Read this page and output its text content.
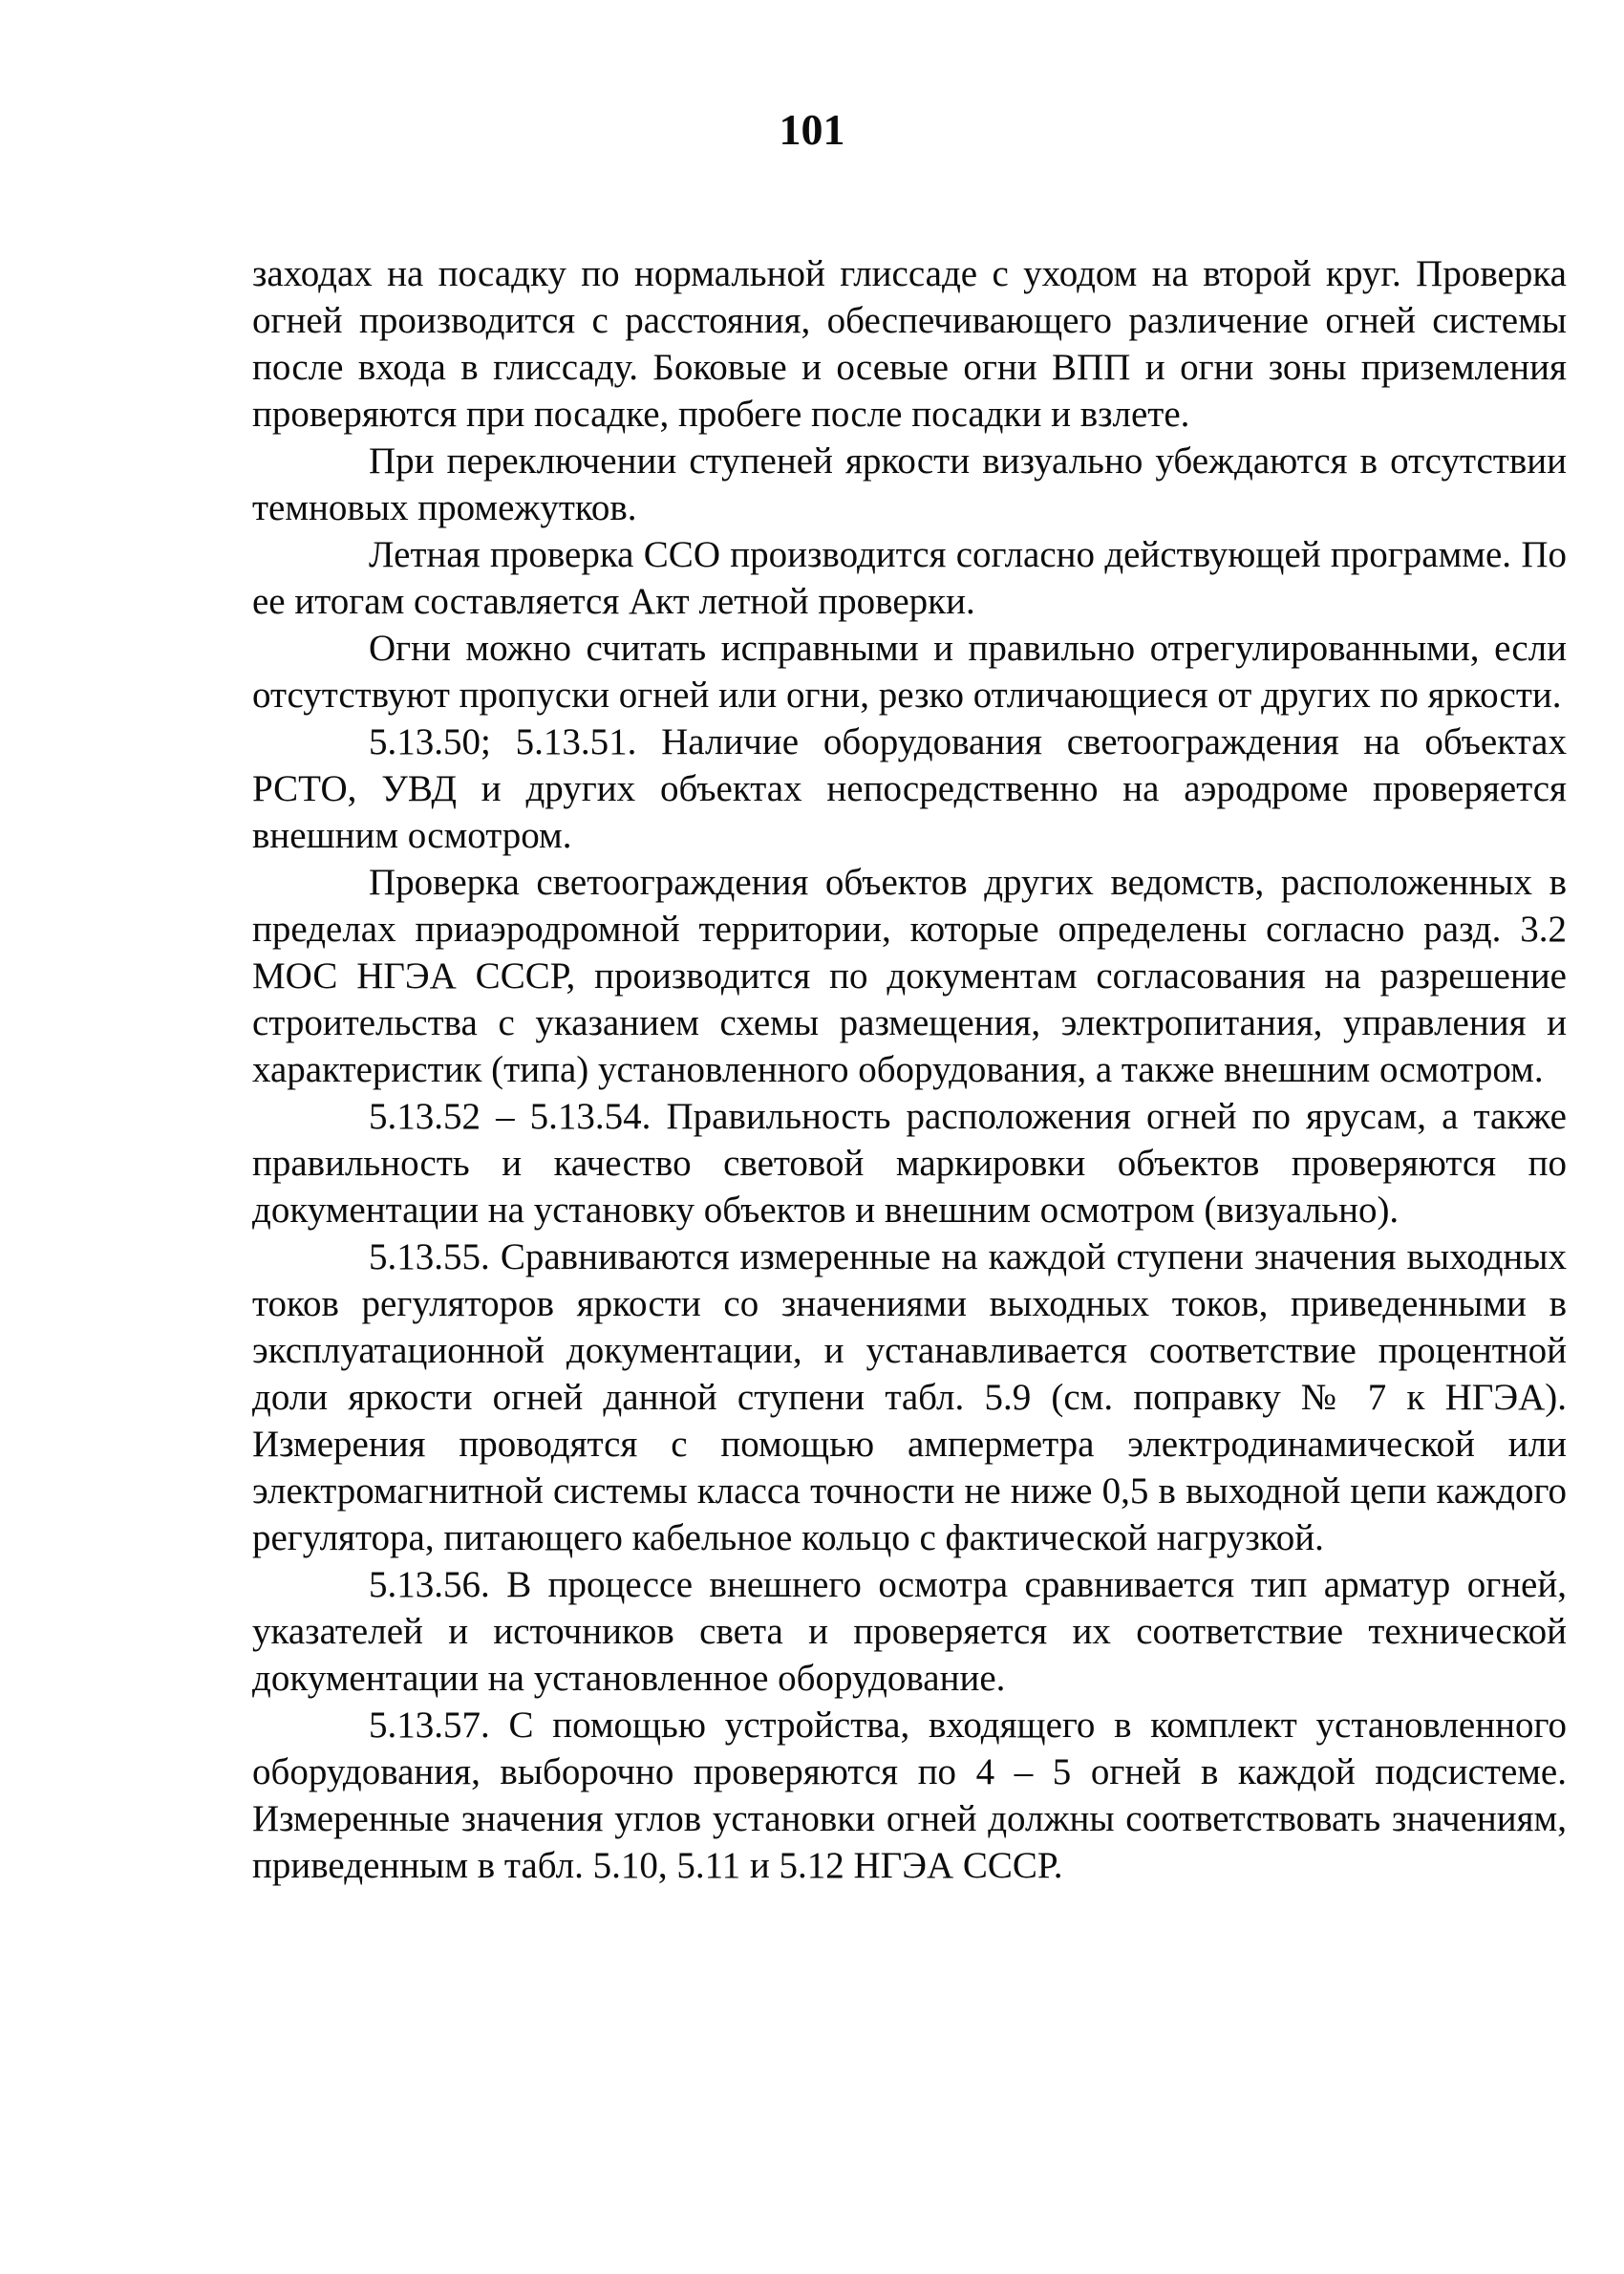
101

заходах на посадку по нормальной глиссаде с уходом на второй круг. Проверка огней производится с расстояния, обеспечивающего различение огней системы после входа в глиссаду. Боковые и осевые огни ВПП и огни зоны приземления проверяются при посадке, пробеге после посадки и взлете.

При переключении ступеней яркости визуально убеждаются в отсутствии темновых промежутков.

Летная проверка ССО производится согласно действующей программе. По ее итогам составляется Акт летной проверки.

Огни можно считать исправными и правильно отрегулированными, если отсутствуют пропуски огней или огни, резко отличающиеся от других по яркости.

5.13.50; 5.13.51. Наличие оборудования светоограждения на объектах РСТО, УВД и других объектах непосредственно на аэродроме проверяется внешним осмотром.

Проверка светоограждения объектов других ведомств, расположенных в пределах приаэродромной территории, которые определены согласно разд. 3.2 МОС НГЭА СССР, производится по документам согласования на разрешение строительства с указанием схемы размещения, электропитания, управления и характеристик (типа) установленного оборудования, а также внешним осмотром.

5.13.52 – 5.13.54. Правильность расположения огней по ярусам, а также правильность и качество световой маркировки объектов проверяются по документации на установку объектов и внешним осмотром (визуально).

5.13.55. Сравниваются измеренные на каждой ступени значения выходных токов регуляторов яркости со значениями выходных токов, приведенными в эксплуатационной документации, и устанавливается соответствие процентной доли яркости огней данной ступени табл. 5.9 (см. поправку № 7 к НГЭА). Измерения проводятся с помощью амперметра электродинамической или электромагнитной системы класса точности не ниже 0,5 в выходной цепи каждого регулятора, питающего кабельное кольцо с фактической нагрузкой.

5.13.56. В процессе внешнего осмотра сравнивается тип арматур огней, указателей и источников света и проверяется их соответствие технической документации на установленное оборудование.

5.13.57. С помощью устройства, входящего в комплект установленного оборудования, выборочно проверяются по 4 – 5 огней в каждой подсистеме. Измеренные значения углов установки огней должны соответствовать значениям, приведенным в табл. 5.10, 5.11 и 5.12 НГЭА СССР.
